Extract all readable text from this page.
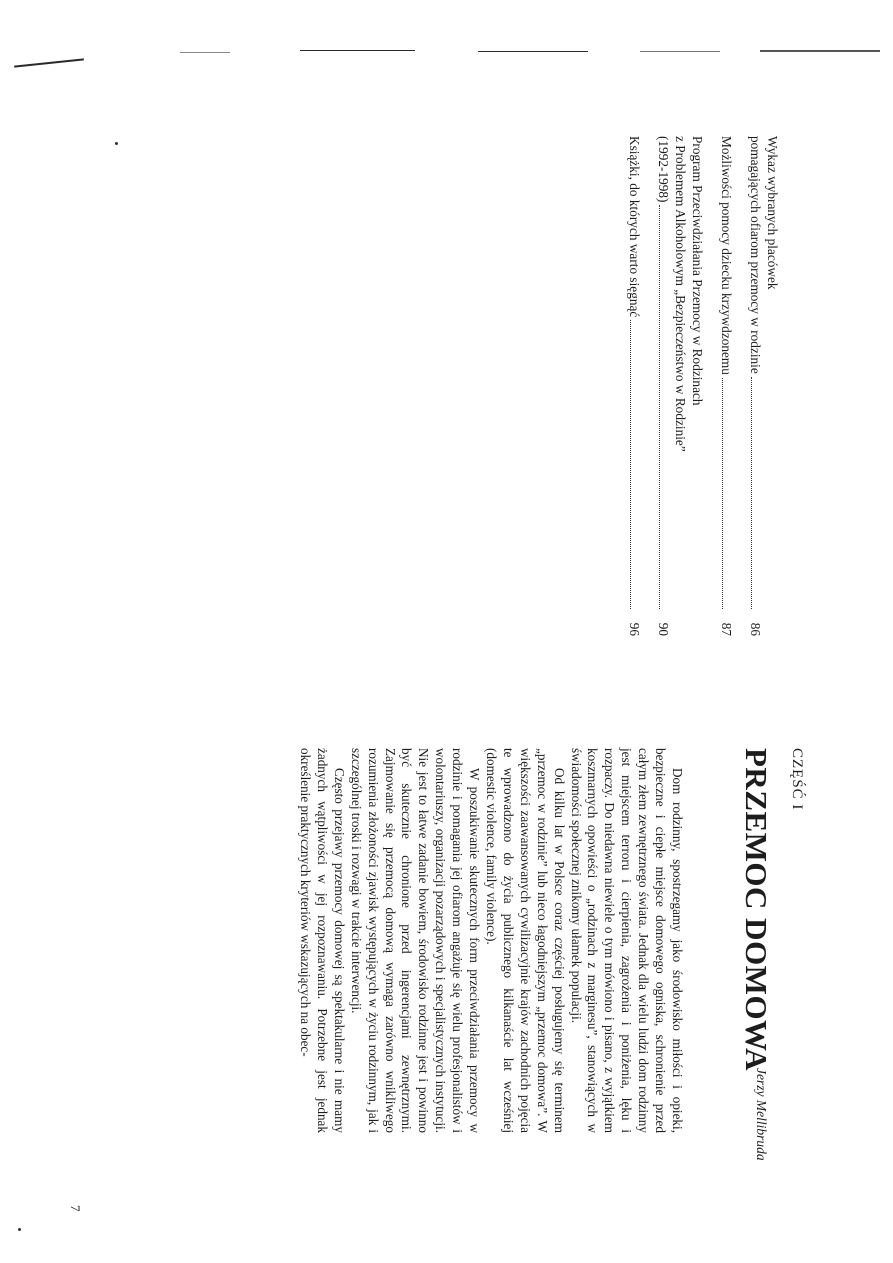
Wykaz wybranych placówek
pomagających ofiarom przemocy w rodzinie
86
Możliwości pomocy dziecku krzywdzonemu
87
Program Przeciwdziałania Przemocy w Rodzinach
z Problemem Alkoholowym „Bezpieczeństwo w Rodzinie”
(1992-1998)
90
Książki, do których warto sięgnąć
96
CZĘŚĆ I
PRZEMOC DOMOWA
Jerzy Mellibruda

Dom rodzinny, spostrzegamy jako środowisko miłości i opieki, bezpieczne i ciepłe miejsce domowego ogniska, schronienie przed całym złem zewnętrznego świata. Jednak dla wielu ludzi dom rodzinny jest miejscem terroru i cierpienia, zagrożenia i poniżenia, lęku i rozpaczy. Do niedawna niewiele o tym mówiono i pisano, z wyjątkiem koszmarnych opowieści o „rodzinach z marginesu”, stanowiących w świadomości społecznej znikomy ułamek populacji.

Od kilku lat w Polsce coraz częściej posługujemy się terminem „przemoc w rodzinie” lub nieco łagodniejszym „przemoc domowa”. W większości zaawansowanych cywilizacyjnie krajów zachodnich pojęcia te wprowadzono do życia publicznego kilkanaście lat wcześniej (domestic violence, family violence).

W poszukiwanie skutecznych form przeciwdziałania przemocy w rodzinie i pomagania jej ofiarom angażuje się wielu profesjonalistów i wolontariuszy, organizacji pozarządowych i specjalistycznych instytucji. Nie jest to łatwe zadanie bowiem, środowisko rodzinne jest i powinno być skutecznie chronione przed ingerencjami zewnętrznymi. Zajmowanie się przemocą domową wymaga zarówno wnikliwego rozumienia złożoności zjawisk występujących w życiu rodzinnym, jak i szczególnej troski i rozwagi w trakcie interwencji.

Często przejawy przemocy domowej są spektakularne i nie mamy żadnych wątpliwości w jej rozpoznawaniu. Potrzebne jest jednak określenie praktycznych kryteriów wskazujących na obec-

7
